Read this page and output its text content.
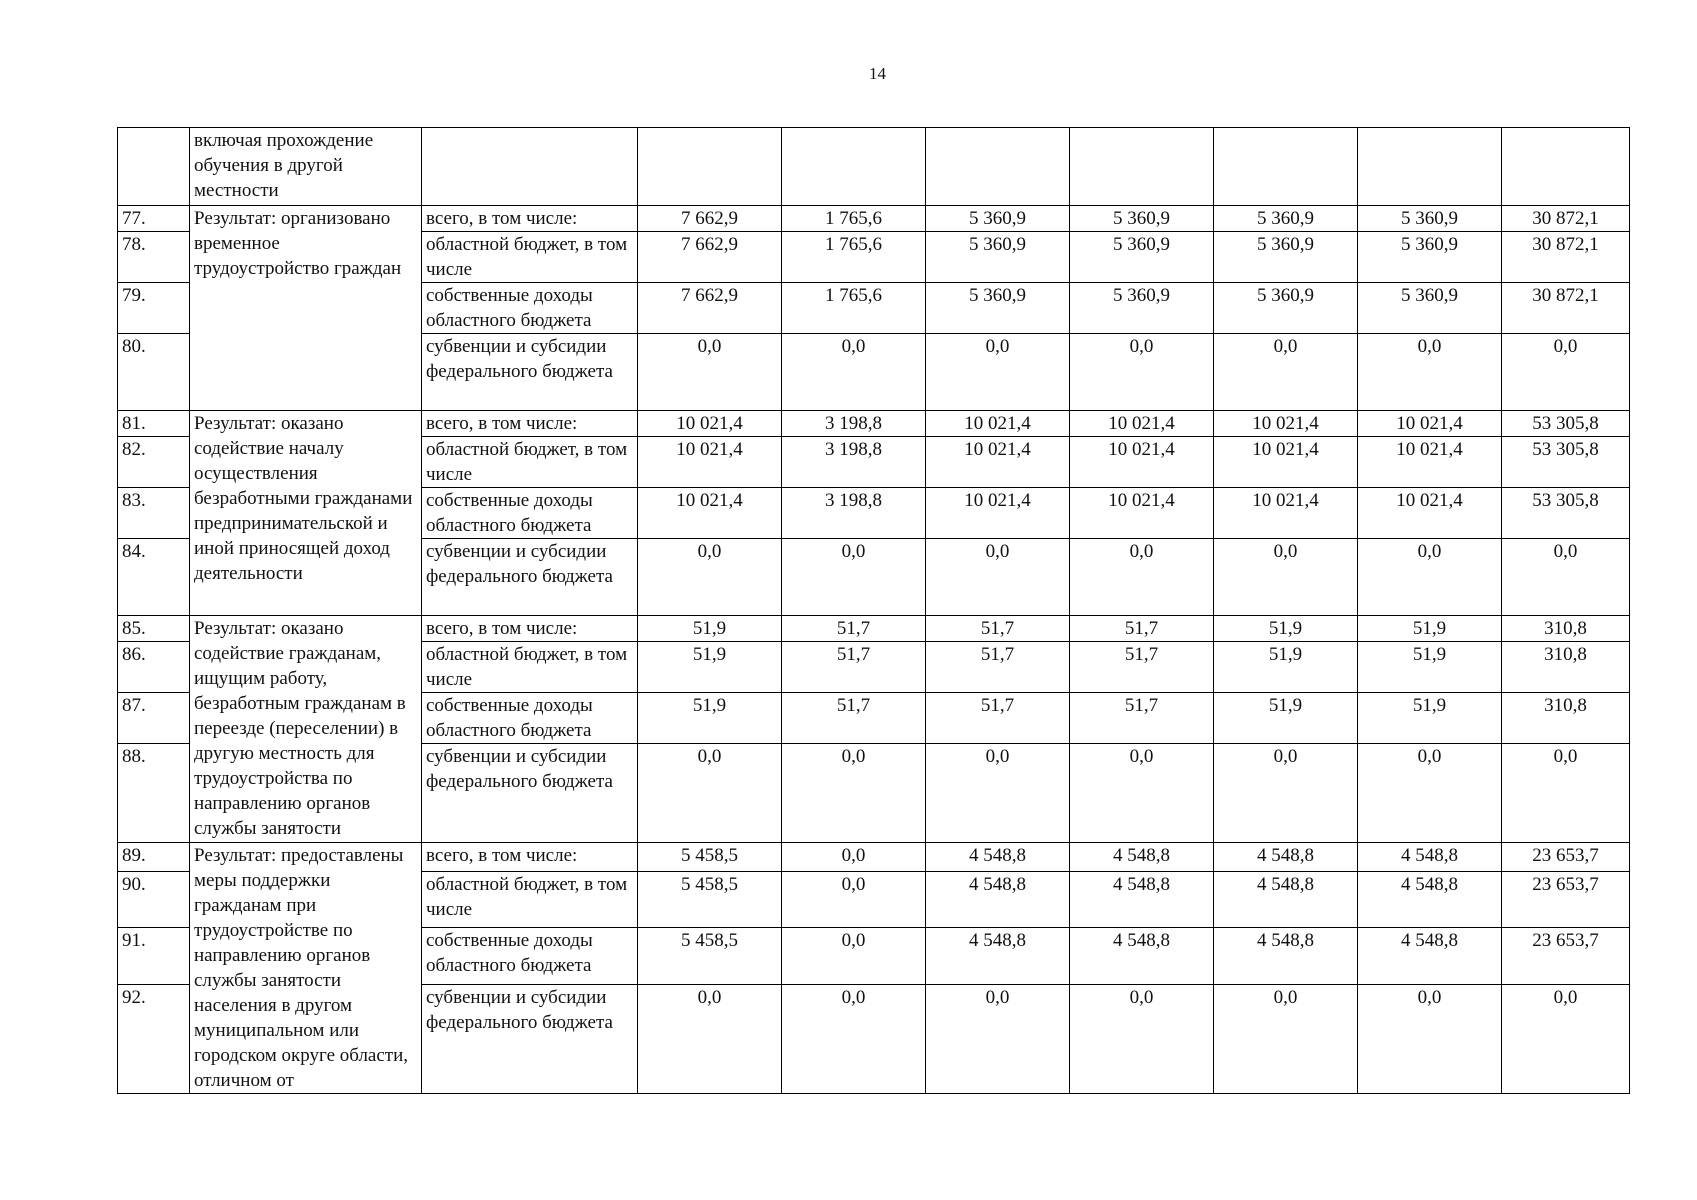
14
	включая прохождение обучения в другой местности								
77.	Результат: организовано временное трудоустройство граждан	всего, в том числе:	7 662,9	1 765,6	5 360,9	5 360,9	5 360,9	5 360,9	30 872,1
78.		областной бюджет, в том числе	7 662,9	1 765,6	5 360,9	5 360,9	5 360,9	5 360,9	30 872,1
79.		собственные доходы областного бюджета	7 662,9	1 765,6	5 360,9	5 360,9	5 360,9	5 360,9	30 872,1
80.		субвенции и субсидии федерального бюджета	0,0	0,0	0,0	0,0	0,0	0,0	0,0
81.	Результат: оказано содействие началу осуществления безработными гражданами предпринимательской и иной приносящей доход деятельности	всего, в том числе:	10 021,4	3 198,8	10 021,4	10 021,4	10 021,4	10 021,4	53 305,8
82.		областной бюджет, в том числе	10 021,4	3 198,8	10 021,4	10 021,4	10 021,4	10 021,4	53 305,8
83.		собственные доходы областного бюджета	10 021,4	3 198,8	10 021,4	10 021,4	10 021,4	10 021,4	53 305,8
84.		субвенции и субсидии федерального бюджета	0,0	0,0	0,0	0,0	0,0	0,0	0,0
85.	Результат: оказано содействие гражданам, ищущим работу, безработным гражданам в переезде (переселении) в другую местность для трудоустройства по направлению органов службы занятости	всего, в том числе:	51,9	51,7	51,7	51,7	51,9	51,9	310,8
86.		областной бюджет, в том числе	51,9	51,7	51,7	51,7	51,9	51,9	310,8
87.		собственные доходы областного бюджета	51,9	51,7	51,7	51,7	51,9	51,9	310,8
88.		субвенции и субсидии федерального бюджета	0,0	0,0	0,0	0,0	0,0	0,0	0,0
89.	Результат: предоставлены меры поддержки гражданам при трудоустройстве по направлению органов службы занятости населения в другом муниципальном или городском округе области, отличном от	всего, в том числе:	5 458,5	0,0	4 548,8	4 548,8	4 548,8	4 548,8	23 653,7
90.		областной бюджет, в том числе	5 458,5	0,0	4 548,8	4 548,8	4 548,8	4 548,8	23 653,7
91.		собственные доходы областного бюджета	5 458,5	0,0	4 548,8	4 548,8	4 548,8	4 548,8	23 653,7
92.		субвенции и субсидии федерального бюджета	0,0	0,0	0,0	0,0	0,0	0,0	0,0
